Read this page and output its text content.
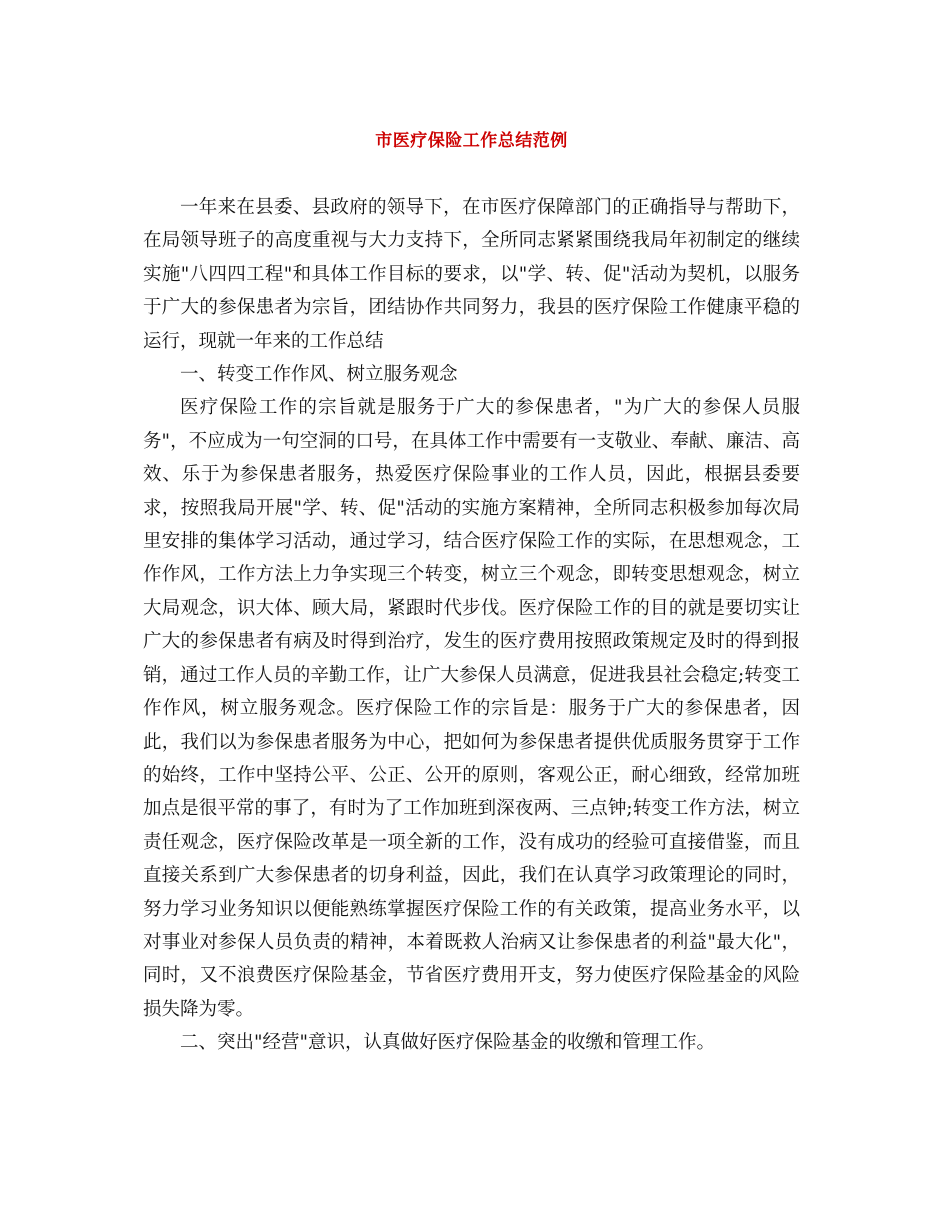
市医疗保险工作总结范例

一年来在县委、县政府的领导下，在市医疗保障部门的正确指导与帮助下，在局领导班子的高度重视与大力支持下，全所同志紧紧围绕我局年初制定的继续实施"八四四工程"和具体工作目标的要求，以"学、转、促"活动为契机，以服务于广大的参保患者为宗旨，团结协作共同努力，我县的医疗保险工作健康平稳的运行，现就一年来的工作总结

一、转变工作作风、树立服务观念

医疗保险工作的宗旨就是服务于广大的参保患者，"为广大的参保人员服务"，不应成为一句空洞的口号，在具体工作中需要有一支敬业、奉献、廉洁、高效、乐于为参保患者服务，热爱医疗保险事业的工作人员，因此，根据县委要求，按照我局开展"学、转、促"活动的实施方案精神，全所同志积极参加每次局里安排的集体学习活动，通过学习，结合医疗保险工作的实际，在思想观念，工作作风，工作方法上力争实现三个转变，树立三个观念，即转变思想观念，树立大局观念，识大体、顾大局，紧跟时代步伐。医疗保险工作的目的就是要切实让广大的参保患者有病及时得到治疗，发生的医疗费用按照政策规定及时的得到报销，通过工作人员的辛勤工作，让广大参保人员满意，促进我县社会稳定;转变工作作风，树立服务观念。医疗保险工作的宗旨是：服务于广大的参保患者，因此，我们以为参保患者服务为中心，把如何为参保患者提供优质服务贯穿于工作的始终，工作中坚持公平、公正、公开的原则，客观公正，耐心细致，经常加班加点是很平常的事了，有时为了工作加班到深夜两、三点钟;转变工作方法，树立责任观念，医疗保险改革是一项全新的工作，没有成功的经验可直接借鉴，而且直接关系到广大参保患者的切身利益，因此，我们在认真学习政策理论的同时，努力学习业务知识以便能熟练掌握医疗保险工作的有关政策，提高业务水平，以对事业对参保人员负责的精神，本着既救人治病又让参保患者的利益"最大化"，同时，又不浪费医疗保险基金，节省医疗费用开支，努力使医疗保险基金的风险损失降为零。

二、突出"经营"意识，认真做好医疗保险基金的收缴和管理工作。
